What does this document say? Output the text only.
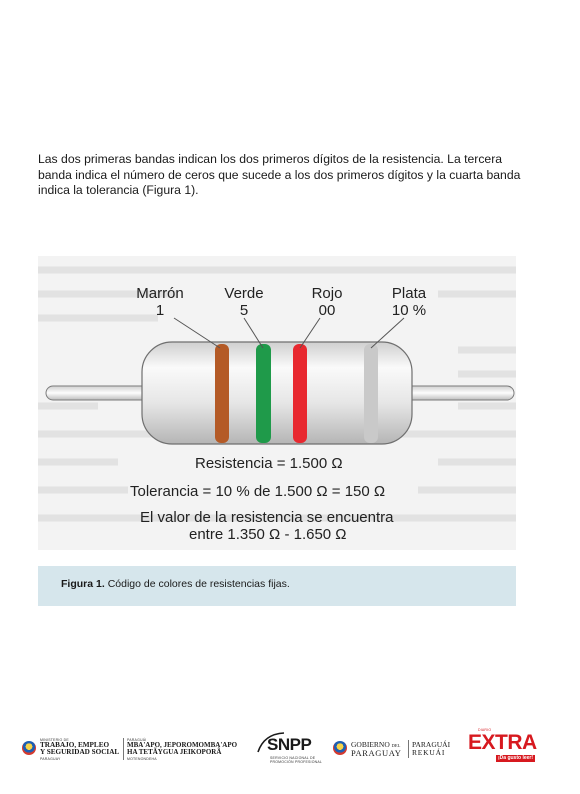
Las dos primeras bandas indican los dos primeros dígitos de la resistencia. La tercera banda indica el número de ceros que sucede a los dos primeros dígitos y la cuarta banda indica la tolerancia (Figura 1).

Marrón
1
Verde
5
Rojo
00
Plata
10 %
Resistencia = 1.500 Ω
Tolerancia = 10 % de 1.500 Ω = 150 Ω
El valor de la resistencia se encuentra
entre 1.350 Ω - 1.650 Ω
Figura 1. Código de colores de resistencias fijas.
MINISTERIO DE
TRABAJO, EMPLEO
Y SEGURIDAD SOCIAL
PARAGUAY
PARAGUÁI
MBA'APO, JEPOROMOMBA'APO
HA TETÃYGUA JEIKOPORÃ
MOTENONDEHA
SNPP
SERVICIO NACIONAL DE
PROMOCIÓN PROFESIONAL
GOBIERNO DEL
PARAGUAY
PARAGUÁI
REKUÁI
DIARIO
EXTRA
¡Da gusto leer!
